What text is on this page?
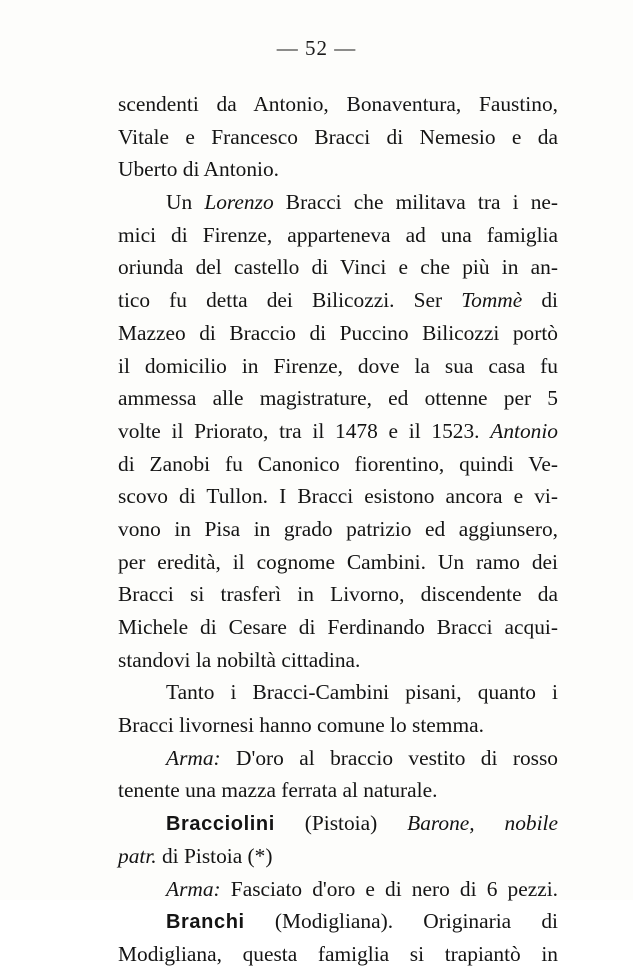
— 52 —
scendenti da Antonio, Bonaventura, Faustino,
Vitale e Francesco Bracci di Nemesio e da
Uberto di Antonio.
Un Lorenzo Bracci che militava tra i ne-
mici di Firenze, apparteneva ad una famiglia
oriunda del castello di Vinci e che più in an-
tico fu detta dei Bilicozzi. Ser Tommè di
Mazzeo di Braccio di Puccino Bilicozzi portò
il domicilio in Firenze, dove la sua casa fu
ammessa alle magistrature, ed ottenne per 5
volte il Priorato, tra il 1478 e il 1523. Antonio
di Zanobi fu Canonico fiorentino, quindi Ve-
scovo di Tullon. I Bracci esistono ancora e vi-
vono in Pisa in grado patrizio ed aggiunsero,
per eredità, il cognome Cambini. Un ramo dei
Bracci si trasferì in Livorno, discendente da
Michele di Cesare di Ferdinando Bracci acqui-
standovi la nobiltà cittadina.
Tanto i Bracci-Cambini pisani, quanto i
Bracci livornesi hanno comune lo stemma.
Arma: D'oro al braccio vestito di rosso
tenente una mazza ferrata al naturale.
Bracciolini (Pistoia) Barone, nobile
patr. di Pistoia (*)
Arma: Fasciato d'oro e di nero di 6 pezzi.
Branchi (Modigliana). Originaria di
Modigliana, questa famiglia si trapiantò in
